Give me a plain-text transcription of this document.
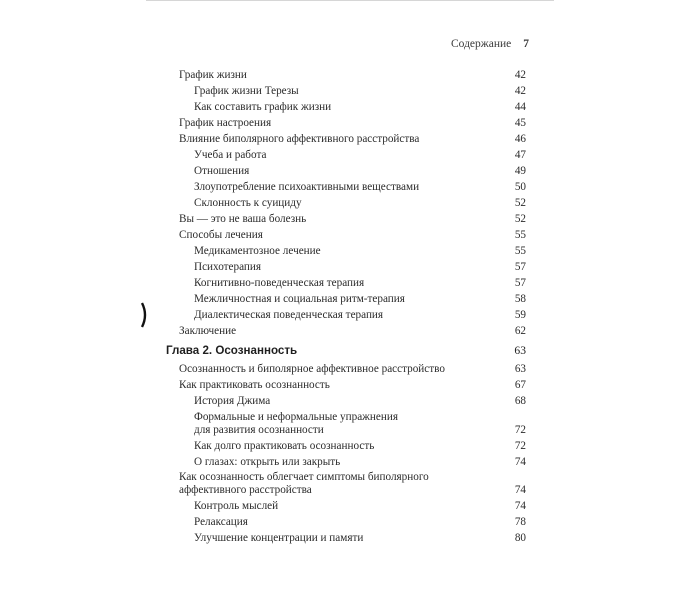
Содержание 7
График жизни	42
График жизни Терезы	42
Как составить график жизни	44
График настроения	45
Влияние биполярного аффективного расстройства	46
Учеба и работа	47
Отношения	49
Злоупотребление психоактивными веществами	50
Склонность к суициду	52
Вы — это не ваша болезнь	52
Способы лечения	55
Медикаментозное лечение	55
Психотерапия	57
Когнитивно-поведенческая терапия	57
Межличностная и социальная ритм-терапия	58
Диалектическая поведенческая терапия	59
Заключение	62
Глава 2. Осознанность	63
Осознанность и биполярное аффективное расстройство	63
Как практиковать осознанность	67
История Джима	68
Формальные и неформальные упражнения
для развития осознанности	72
Как долго практиковать осознанность	72
О глазах: открыть или закрыть	74
Как осознанность облегчает симптомы биполярного
аффективного расстройства	74
Контроль мыслей	74
Релаксация	78
Улучшение концентрации и памяти	80
